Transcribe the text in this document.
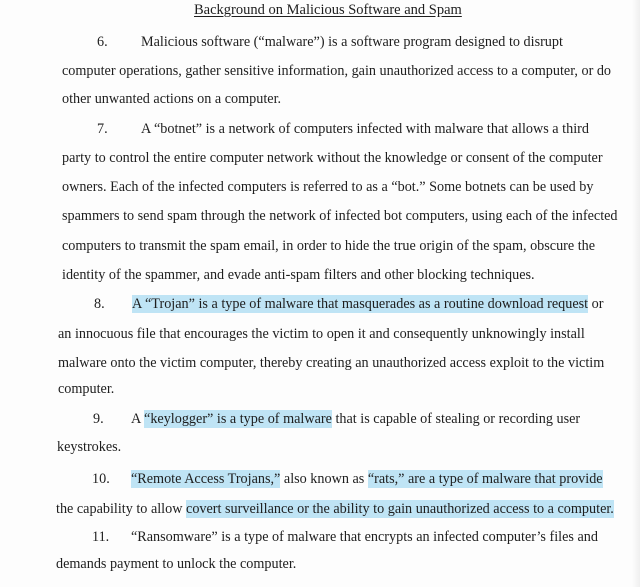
Background on Malicious Software and Spam
6. Malicious software (“malware”) is a software program designed to disrupt
computer operations, gather sensitive information, gain unauthorized access to a computer, or do
other unwanted actions on a computer.
7. A “botnet” is a network of computers infected with malware that allows a third
party to control the entire computer network without the knowledge or consent of the computer
owners. Each of the infected computers is referred to as a “bot.” Some botnets can be used by
spammers to send spam through the network of infected bot computers, using each of the infected
computers to transmit the spam email, in order to hide the true origin of the spam, obscure the
identity of the spammer, and evade anti-spam filters and other blocking techniques.
8. A “Trojan” is a type of malware that masquerades as a routine download request or
an innocuous file that encourages the victim to open it and consequently unknowingly install
malware onto the victim computer, thereby creating an unauthorized access exploit to the victim
computer.
9. A “keylogger” is a type of malware that is capable of stealing or recording user
keystrokes.
10. “Remote Access Trojans,” also known as “rats,” are a type of malware that provide
the capability to allow covert surveillance or the ability to gain unauthorized access to a computer.
11. “Ransomware” is a type of malware that encrypts an infected computer’s files and
demands payment to unlock the computer.
